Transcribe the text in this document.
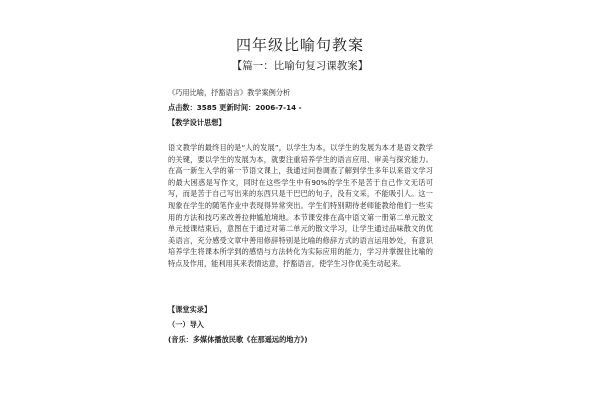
四年级比喻句教案
【篇一：比喻句复习课教案】
《巧用比喻，抒豁语言》教学案例分析
点击数：3585 更新时间：2006-7-14 -
【教学设计思想】
语文教学的最终目的是“人的发展”，以学生为本，以学生的发展为本才是语文教学的关键，要以学生的发展为本，就要注重培养学生的语言应用、审美与探究能力。在高一新生入学的第一节语文课上，我通过问卷调查了解到学生多年以来语文学习的最大困惑是写作文，同时在这些学生中有90%的学生不是苦于自己作文无话可写，而是苦于自己写出来的东西只是干巴巴的句子，没有文采，不能吸引人。这一现象在学生的随笔作业中表现得异常突出。学生们特别期待老师能教给他们一些实用的方法和技巧来改善拉伸尴尬境地。本节课安排在高中语文第一册第二单元散文单元授课结束后，意图在于通过对第二单元的散文学习，让学生通过品味散文的优美语言，充分感受文章中善用修辞特别是比喻的修辞方式的语言运用妙处，有意识培养学生将课本所学到的感悟与方法转化为实际应用的能力，学习并掌握住比喻的特点及作用，能利用其来表情达意，抒豁语言，使学生习作优美生动起来。
【课堂实录】
（一）导入
(音乐：多媒体播放民歌《在那遥远的地方》)
